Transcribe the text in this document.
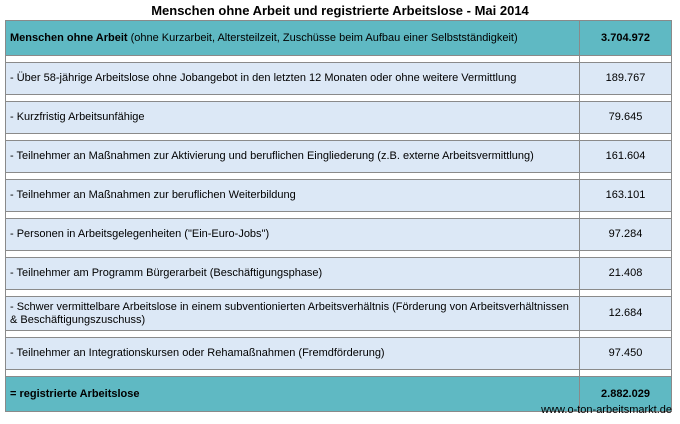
Menschen ohne Arbeit und registrierte Arbeitslose - Mai 2014
Menschen ohne Arbeit (ohne Kurzarbeit, Altersteilzeit, Zuschüsse beim Aufbau einer Selbstständigkeit)	3.704.972

- Über 58-jährige Arbeitslose ohne Jobangebot in den letzten 12 Monaten oder ohne weitere Vermittlung	189.767

- Kurzfristig Arbeitsunfähige	79.645

- Teilnehmer an Maßnahmen zur Aktivierung und beruflichen Eingliederung (z.B. externe Arbeitsvermittlung)	161.604

- Teilnehmer an Maßnahmen zur beruflichen Weiterbildung	163.101

- Personen in Arbeitsgelegenheiten ("Ein-Euro-Jobs")	97.284

- Teilnehmer am Programm Bürgerarbeit (Beschäftigungsphase)	21.408

- Schwer vermittelbare Arbeitslose in einem subventionierten Arbeitsverhältnis (Förderung von Arbeitsverhältnissen & Beschäftigungszuschuss)	12.684

- Teilnehmer an Integrationskursen oder Rehamaßnahmen (Fremdförderung)	97.450

= registrierte Arbeitslose	2.882.029
www.o-ton-arbeitsmarkt.de
